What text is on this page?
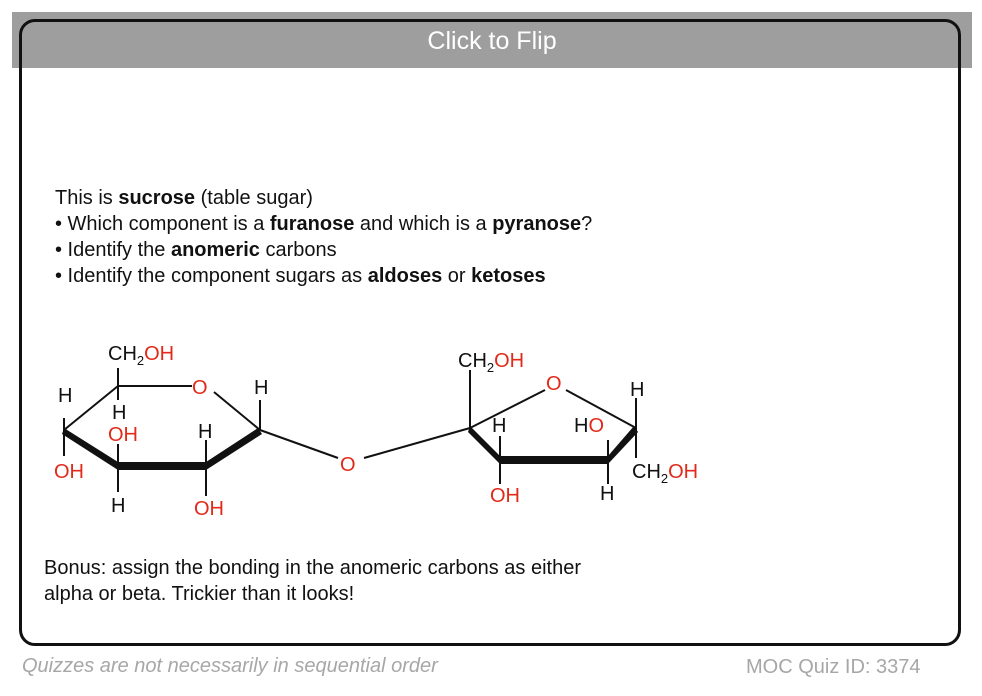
Click to Flip

This is sucrose (table sugar)

• Which component is a furanose and which is a pyranose?

• Identify the anomeric carbons

• Identify the component sugars as aldoses or ketoses

$CH_2OH$
O H
H
H
OH	H
OH
H	OH
O
$CH_2OH$
O	H
H	HO
$CH_2OH$
OH	H
Bonus: assign the bonding in the anomeric carbons as either
alpha or beta. Trickier than it looks!
Quizzes are not necessarily in sequential order	MOC Quiz ID: 3374
